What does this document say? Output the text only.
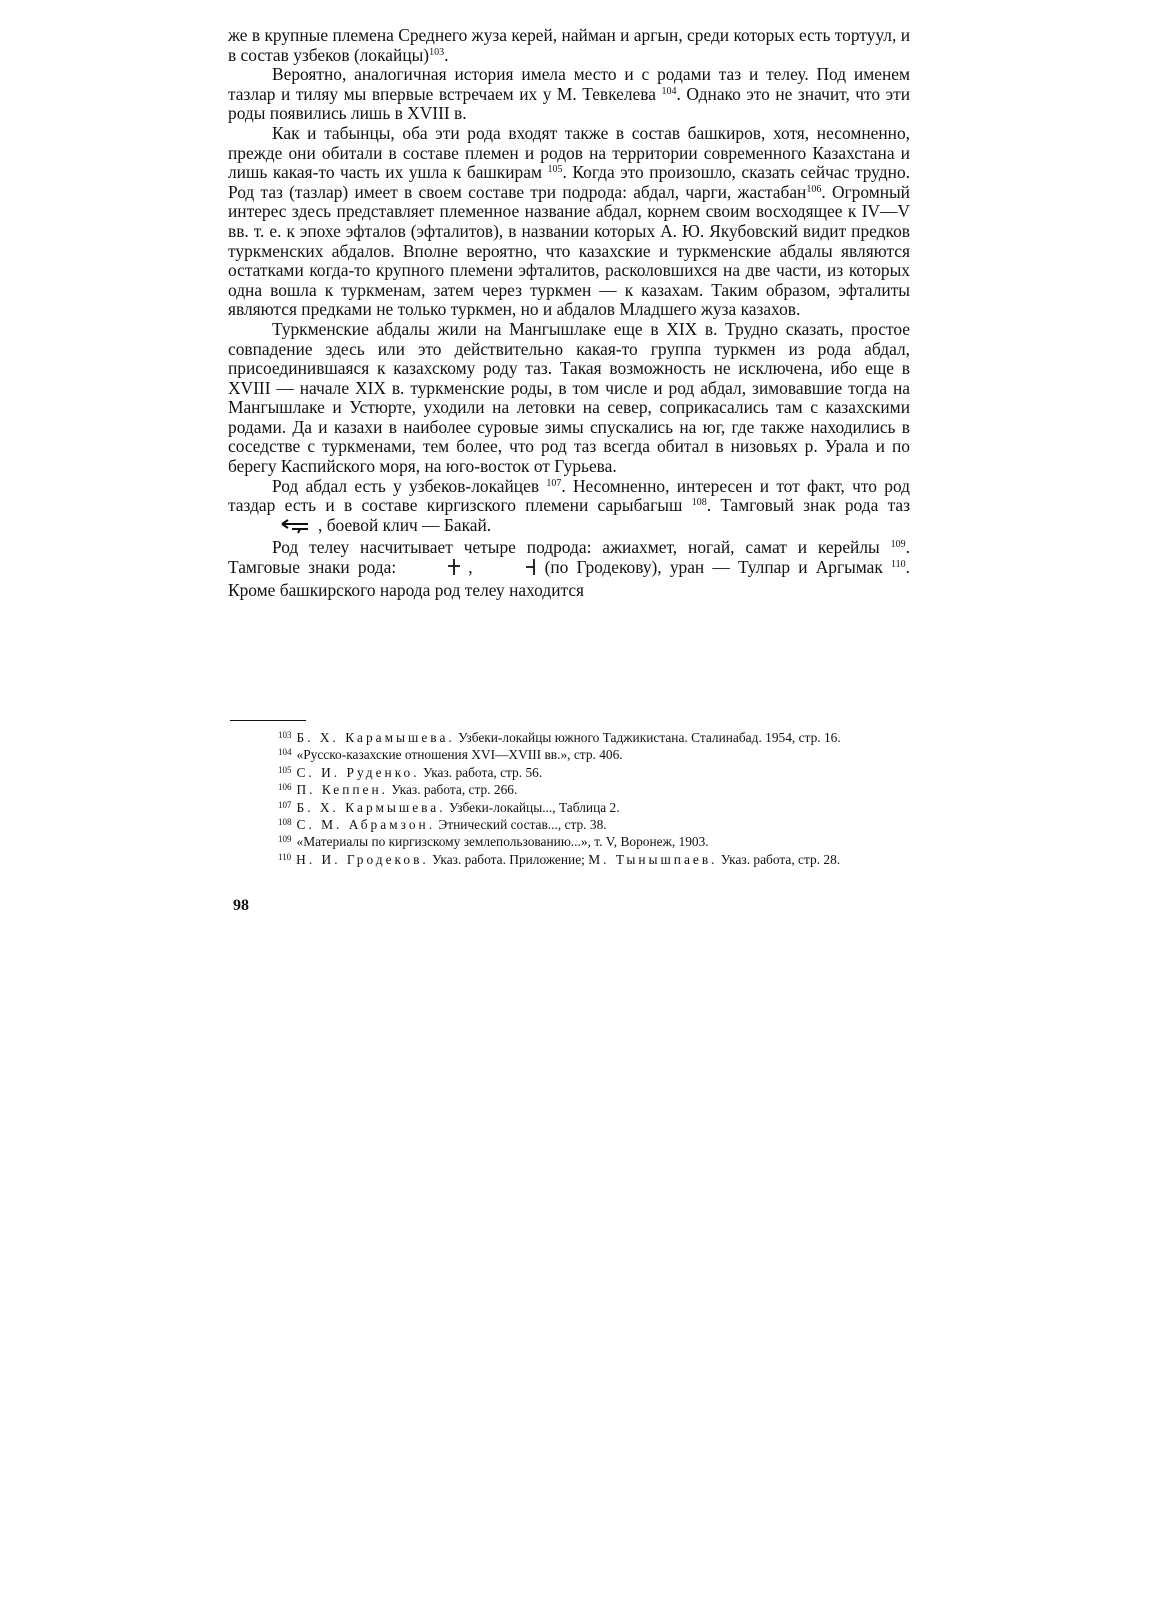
же в крупные племена Среднего жуза керей, найман и аргын, среди которых есть тортуул, и в состав узбеков (локайцы)$^{103}$.

Вероятно, аналогичная история имела место и с родами таз и телеу. Под именем тазлар и тиляу мы впервые встречаем их у М. Тевкелева $^{104}$. Однако это не значит, что эти роды появились лишь в XVIII в.

Как и табынцы, оба эти рода входят также в состав башкиров, хотя, несомненно, прежде они обитали в составе племен и родов на территории современного Казахстана и лишь какая-то часть их ушла к башкирам $^{105}$. Когда это произошло, сказать сейчас трудно. Род таз (тазлар) имеет в своем составе три подрода: абдал, чарги, жастабан$^{106}$. Огромный интерес здесь представляет племенное название абдал, корнем своим восходящее к IV—V вв. т. е. к эпохе эфталов (эфталитов), в названии которых А. Ю. Якубовский видит предков туркменских абдалов. Вполне вероятно, что казахские и туркменские абдалы являются остатками когда-то крупного племени эфталитов, расколовшихся на две части, из которых одна вошла к туркменам, затем через туркмен — к казахам. Таким образом, эфталиты являются предками не только туркмен, но и абдалов Младшего жуза казахов.

Туркменские абдалы жили на Мангышлаке еще в XIX в. Трудно сказать, простое совпадение здесь или это действительно какая-то группа туркмен из рода абдал, присоединившаяся к казахскому роду таз. Такая возможность не исключена, ибо еще в XVIII — начале XIX в. туркменские роды, в том числе и род абдал, зимовавшие тогда на Мангышлаке и Устюрте, уходили на летовки на север, соприкасались там с казахскими родами. Да и казахи в наиболее суровые зимы спускались на юг, где также находились в соседстве с туркменами, тем более, что род таз всегда обитал в низовьях р. Урала и по берегу Каспийского моря, на юго-восток от Гурьева.

Род абдал есть у узбеков-локайцев $^{107}$. Несомненно, интересен и тот факт, что род таздар есть и в составе киргизского племени сарыбагыш $^{108}$. Тамговый знак рода таз, боевой клич — Бакай.

Род телеу насчитывает четыре подрода: ажиахмет, ногай, самат и керейлы $^{109}$. Тамговые знаки рода:	,	(по Гродекову), уран — Тулпар и Аргымак $^{110}$. Кроме башкирского народа род телеу находится

$^{103}$ Б. Х. Карамышева. Узбеки-локайцы южного Таджикистана. Сталинабад. 1954, стр. 16.
$^{104}$ «Русско-казахские отношения XVI—XVIII вв.», стр. 406.
$^{105}$ С. И. Руденко. Указ. работа, стр. 56.
$^{106}$ П. Кеппен. Указ. работа, стр. 266.
$^{107}$ Б. Х. Кармышева. Узбеки-локайцы..., Таблица 2.
$^{108}$ С. М. Абрамзон. Этнический состав..., стр. 38.
$^{109}$ «Материалы по киргизскому землепользованию...», т. V, Воронеж, 1903.
$^{110}$ Н. И. Гродеков. Указ. работа. Приложение; М. Тынышпаев. Указ. работа, стр. 28.
98
